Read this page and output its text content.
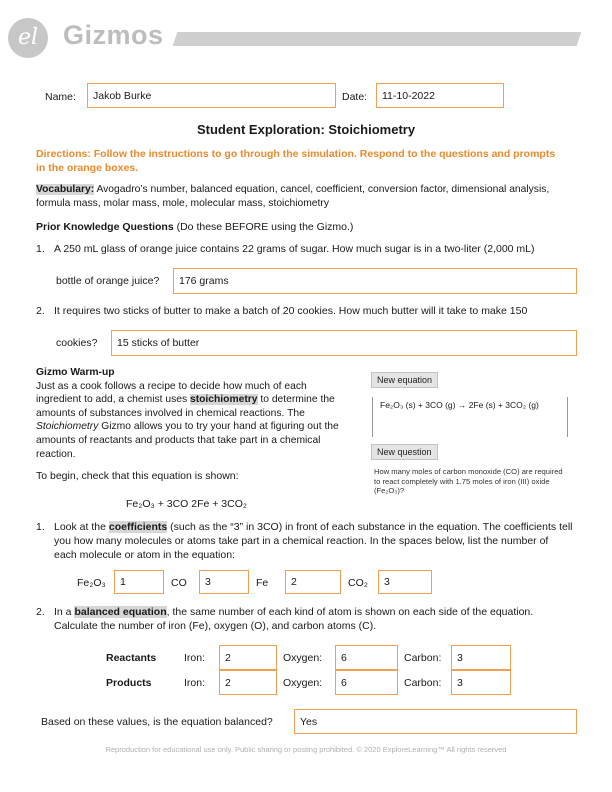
el Gizmos
Name: Jakob Burke	Date: 11-10-2022
Student Exploration: Stoichiometry
Directions: Follow the instructions to go through the simulation. Respond to the questions and prompts in the orange boxes.
Vocabulary: Avogadro’s number, balanced equation, cancel, coefficient, conversion factor, dimensional analysis, formula mass, molar mass, mole, molecular mass, stoichiometry
Prior Knowledge Questions (Do these BEFORE using the Gizmo.)
1. A 250 mL glass of orange juice contains 22 grams of sugar. How much sugar is in a two-liter (2,000 mL)
bottle of orange juice? 176 grams
2. It requires two sticks of butter to make a batch of 20 cookies. How much butter will it take to make 150
cookies? 15 sticks of butter
Gizmo Warm-up
Just as a cook follows a recipe to decide how much of each ingredient to add, a chemist uses stoichiometry to determine the amounts of substances involved in chemical reactions. The Stoichiometry Gizmo allows you to try your hand at figuring out the amounts of reactants and products that take part in a chemical reaction.
To begin, check that this equation is shown:
New equation
Fe₂O₃ (s) + 3CO (g) → 2Fe (s) + 3CO₂ (g)
New question
How many moles of carbon monoxide (CO) are required to react completely with 1.75 moles of iron (III) oxide (Fe₂O₃)?
Fe₂O₃ + 3CO 2Fe + 3CO₂
1. Look at the coefficients (such as the “3” in 3CO) in front of each substance in the equation. The coefficients tell you how many molecules or atoms take part in a chemical reaction. In the spaces below, list the number of each molecule or atom in the equation:
Fe₂O₃ 1	CO 3	Fe 2	CO₂ 3
2. In a balanced equation, the same number of each kind of atom is shown on each side of the equation. Calculate the number of iron (Fe), oxygen (O), and carbon atoms (C).
Reactants	Iron: 2	Oxygen: 6	Carbon: 3
Products	Iron: 2	Oxygen: 6	Carbon: 3
Based on these values, is the equation balanced?	Yes
Reproduction for educational use only. Public sharing or posting prohibited. © 2020 ExploreLearning™ All rights reserved
